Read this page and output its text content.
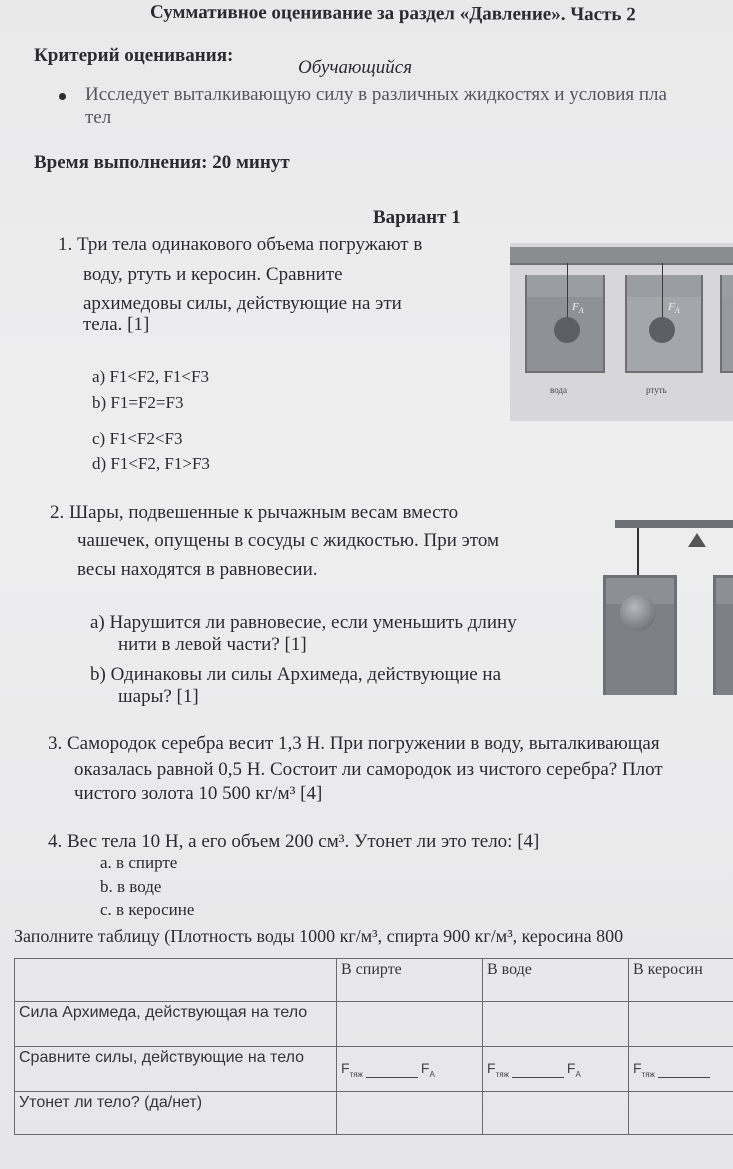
Суммативное оценивание за раздел «Давление». Часть 2
Критерий оценивания:
Обучающийся
Исследует выталкивающую силу в различных жидкостях и условия пла
тел
Время выполнения: 20 минут
Вариант 1
1. Три тела одинакового объема погружают в
воду, ртуть и керосин. Сравните
архимедовы силы, действующие на эти
тела. [1]
a) F1<F2, F1<F3
b) F1=F2=F3
c) F1<F2<F3
d) F1<F2, F1>F3
$F_A$	$F_A$
вода	ртуть
2. Шары, подвешенные к рычажным весам вместо
чашечек, опущены в сосуды с жидкостью. При этом
весы находятся в равновесии.
a) Нарушится ли равновесие, если уменьшить длину
нити в левой части? [1]
b) Одинаковы ли силы Архимеда, действующие на
шары? [1]
3. Самородок серебра весит 1,3 Н. При погружении в воду, выталкивающая
оказалась равной 0,5 Н. Состоит ли самородок из чистого серебра? Плот
чистого золота 10 500 кг/м³ [4]
4. Вес тела 10 Н, а его объем 200 см³. Утонет ли это тело: [4]
a. в спирте
b. в воде
c. в керосине
Заполните таблицу (Плотность воды 1000 кг/м³, спирта 900 кг/м³, керосина 800
	В спирте	В воде	В керосин
Сила Архимеда, действующая на тело			
Сравните силы, действующие на тело	$F_{тяж}$ $F_A$	$F_{тяж}$ $F_A$	$F_{тяж}$
Утонет ли тело? (да/нет)			
